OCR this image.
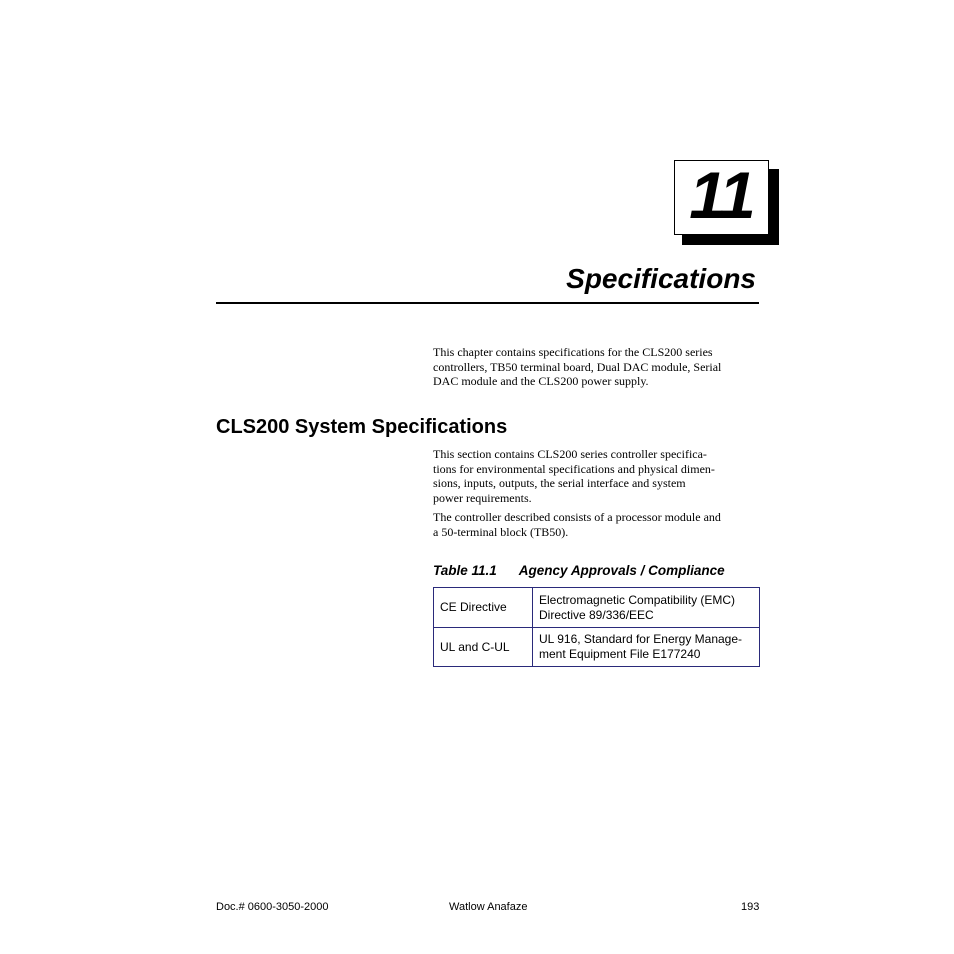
11
Specifications

This chapter contains specifications for the CLS200 series
controllers, TB50 terminal board, Dual DAC module, Serial
DAC module and the CLS200 power supply.

CLS200 System Specifications

This section contains CLS200 series controller specifica-
tions for environmental specifications and physical dimen-
sions, inputs, outputs, the serial interface and system
power requirements.

The controller described consists of a processor module and
a 50-terminal block (TB50).

Table 11.1 Agency Approvals / Compliance
CE Directive	Electromagnetic Compatibility (EMC)
Directive 89/336/EEC
UL and C-UL	UL 916, Standard for Energy Manage-
ment Equipment File E177240
Doc.# 0600-3050-2000	Watlow Anafaze	193
